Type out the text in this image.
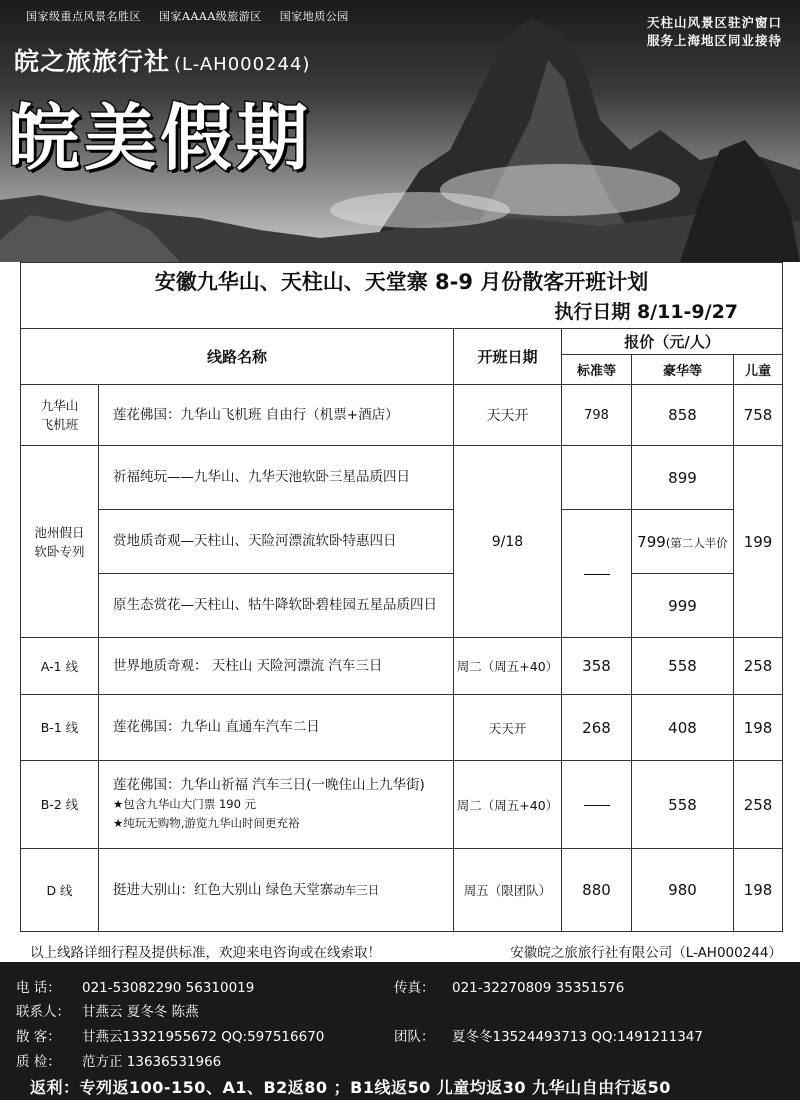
国家级重点风景名胜区 国家AAAA级旅游区 国家地质公园
皖之旅旅行社 (L-AH000244)
皖美假期
天柱山风景区驻沪窗口
服务上海地区同业接待
安徽九华山、天柱山、天堂寨 8-9 月份散客开班计划
执行日期 8/11-9/27					

线路名称		开班日期	报价（元/人）		
			标准等	豪华等	儿童
九华山
飞机班	莲花佛国：九华山飞机班 自由行（机票+酒店）	天天开	798	858	758
池州假日
软卧专列	祈福纯玩——九华山、九华天池软卧三星品质四日	9/18		899	199
	赏地质奇观—天柱山、天险河漂流软卧特惠四日			799(第二人半价	
	原生态赏花—天柱山、牯牛降软卧碧桂园五星品质四日			999	
A-1 线	世界地质奇观： 天柱山 天险河漂流 汽车三日	周二（周五+40）	358	558	258
B-1 线	莲花佛国：九华山 直通车汽车二日	天天开	268	408	198
B-2 线	莲花佛国：九华山祈福 汽车三日(一晚住山上九华街)
★包含九华山大门票 190 元
★纯玩无购物,游览九华山时间更充裕	周二（周五+40）		558	258
D 线	挺进大别山：红色大别山 绿色天堂寨动车三日	周五（限团队）	880	980	198
以上线路详细行程及提供标准，欢迎来电咨询或在线索取！	安徽皖之旅旅行社有限公司（L-AH000244）
电 话： 021-53082290 56310019	传真： 021-32270809 35351576
联系人： 甘燕云 夏冬冬 陈燕
散 客： 甘燕云13321955672 QQ:597516670	团队： 夏冬冬13524493713 QQ:1491211347
质 检： 范方正 13636531966
返利：专列返100-150、A1、B2返80 ；B1线返50 儿童均返30 九华山自由行返50
